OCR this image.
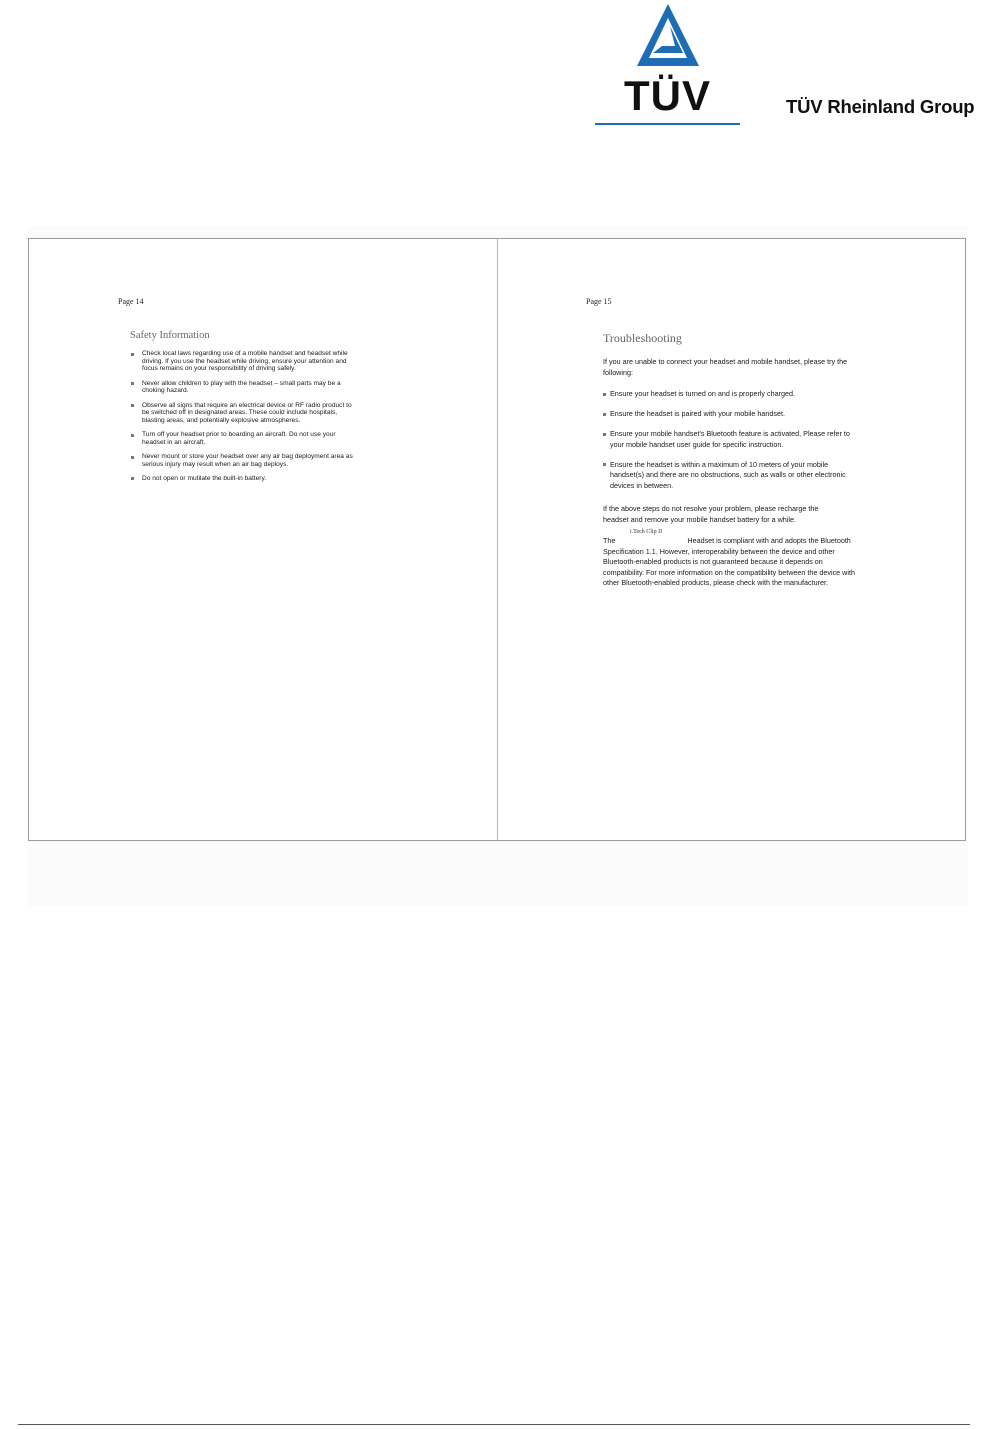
TÜV	TÜV Rheinland Group
Page 14
Safety Information
Check local laws regarding use of a mobile handset and headset while driving. If you use the headset while driving, ensure your attention and focus remains on your responsibility of driving safely.
Never allow children to play with the headset – small parts may be a choking hazard.
Observe all signs that require an electrical device or RF radio product to be switched off in designated areas. These could include hospitals, blasting areas, and potentially explosive atmospheres.
Turn off your headset prior to boarding an aircraft. Do not use your headset in an aircraft.
Never mount or store your headset over any air bag deployment area as serious injury may result when an air bag deploys.
Do not open or mutilate the built-in battery.
Page 15
Troubleshooting

If you are unable to connect your headset and mobile handset, please try the following:

Ensure your headset is turned on and is properly charged.
Ensure the headset is paired with your mobile handset.
Ensure your mobile handset's Bluetooth feature is activated, Please refer to your mobile handset user guide for specific instruction.
Ensure the headset is within a maximum of 10 meters of your mobile handset(s) and there are no obstructions, such as walls or other electronic devices in between.

If the above steps do not resolve your problem, please recharge the headset and remove your mobile handset battery for a while.

i.Tech Clip II

The	Headset is compliant with and adopts the Bluetooth Specification 1.1. However, interoperability between the device and other Bluetooth-enabled products is not guaranteed because it depends on compatibility. For more information on the compatibility between the device with other Bluetooth-enabled products, please check with the manufacturer.
